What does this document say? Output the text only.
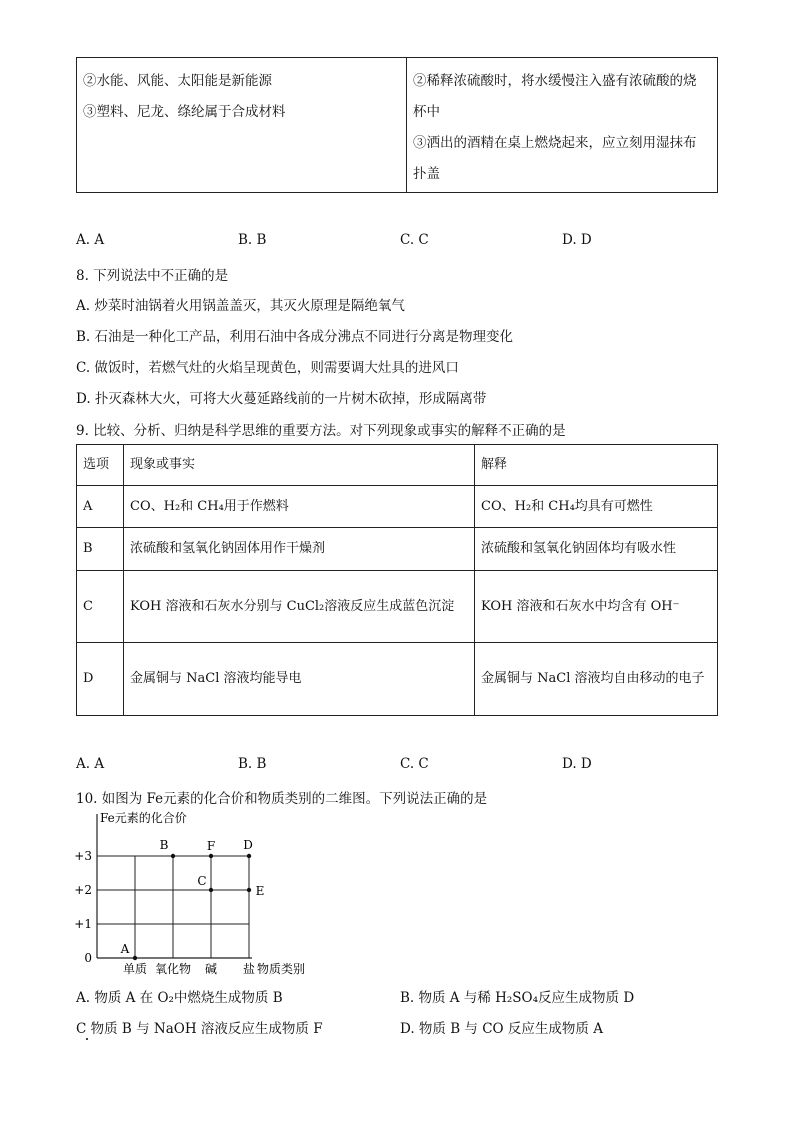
②水能、风能、太阳能是新能源
③塑料、尼龙、绦纶属于合成材料

②稀释浓硫酸时，将水缓慢注入盛有浓硫酸的烧
杯中
③洒出的酒精在桌上燃烧起来，应立刻用湿抹布
扑盖
A. A	B. B	C. C	D. D
8. 下列说法中不正确的是
A. 炒菜时油锅着火用锅盖盖灭，其灭火原理是隔绝氧气
B. 石油是一种化工产品，利用石油中各成分沸点不同进行分离是物理变化
C. 做饭时，若燃气灶的火焰呈现黄色，则需要调大灶具的进风口
D. 扑灭森林大火，可将大火蔓延路线前的一片树木砍掉，形成隔离带
9. 比较、分析、归纳是科学思维的重要方法。对下列现象或事实的解释不正确的是
选项	现象或事实	解释
A	CO、H₂和 CH₄用于作燃料	CO、H₂和 CH₄均具有可燃性
B	浓硫酸和氢氧化钠固体用作干燥剂	浓硫酸和氢氧化钠固体均有吸水性
C	KOH 溶液和石灰水分别与 CuCl₂溶液反应生成蓝色沉淀	KOH 溶液和石灰水中均含有 OH⁻
D	金属铜与 NaCl 溶液均能导电	金属铜与 NaCl 溶液均自由移动的电子
A. A	B. B	C. C	D. D
10. 如图为 Fe元素的化合价和物质类别的二维图。下列说法正确的是
Fe元素的化合价
物质类别
0
+1
+2
+3
单质 氧化物 碱 盐
A
B	F
C
D
E
A. 物质 A 在 O₂中燃烧生成物质 B	B. 物质 A 与稀 H₂SO₄反应生成物质 D
C 物质 B 与 NaOH 溶液反应生成物质 F	D. 物质 B 与 CO 反应生成物质 A
